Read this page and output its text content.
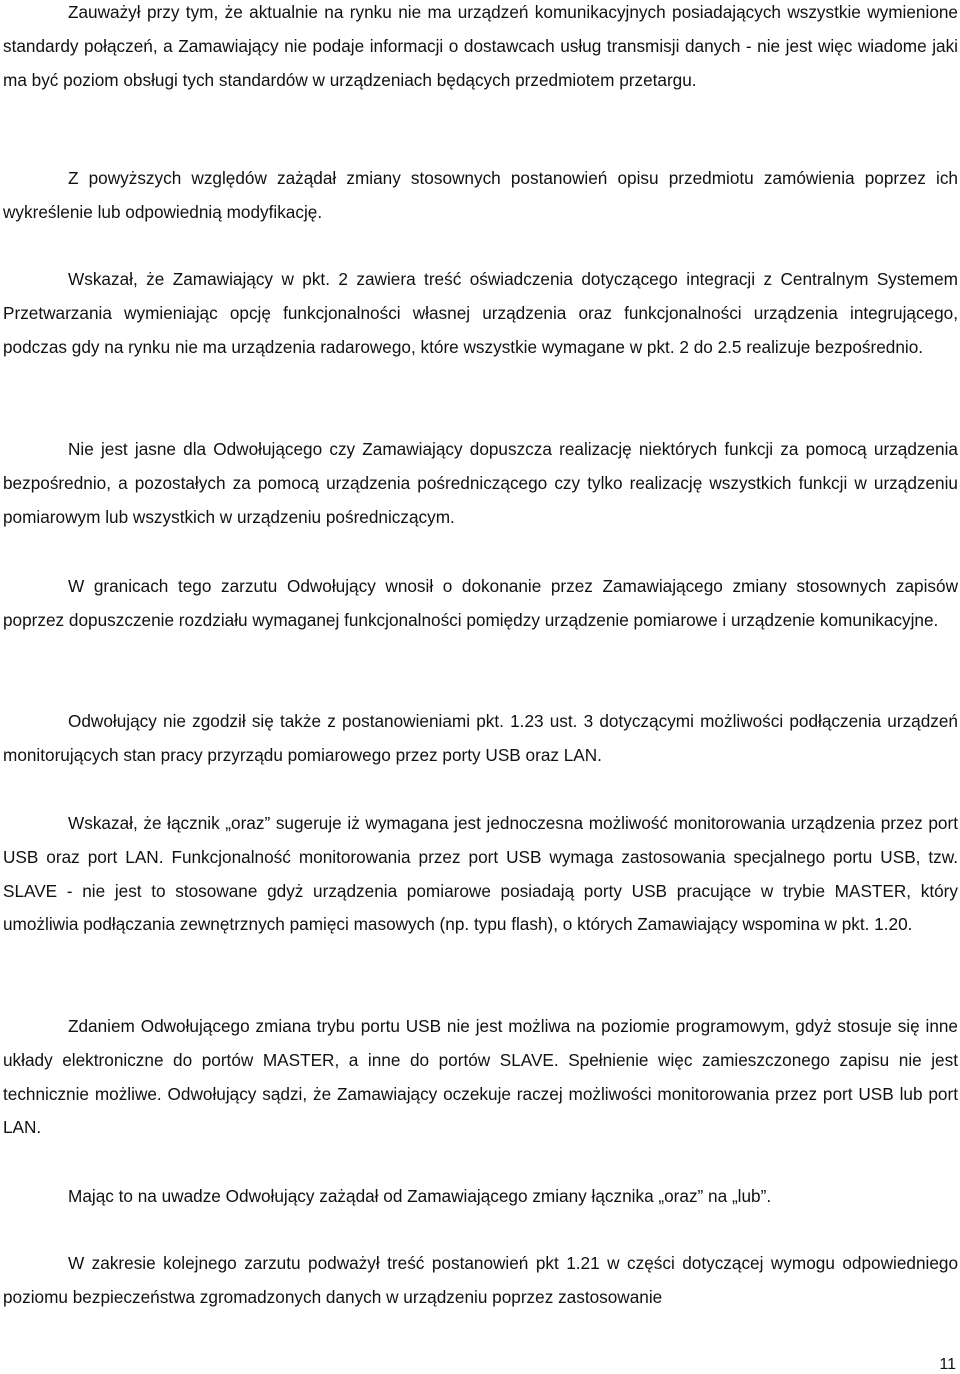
Zauważył przy tym, że aktualnie na rynku nie ma urządzeń komunikacyjnych posiadających wszystkie wymienione standardy połączeń, a Zamawiający nie podaje informacji o dostawcach usług transmisji danych - nie jest więc wiadome jaki ma być poziom obsługi tych standardów w urządzeniach będących przedmiotem przetargu.

Z powyższych względów zażądał zmiany stosownych postanowień opisu przedmiotu zamówienia poprzez ich wykreślenie lub odpowiednią modyfikację.

Wskazał, że Zamawiający w pkt. 2 zawiera treść oświadczenia dotyczącego integracji z Centralnym Systemem Przetwarzania wymieniając opcję funkcjonalności własnej urządzenia oraz funkcjonalności urządzenia integrującego, podczas gdy na rynku nie ma urządzenia radarowego, które wszystkie wymagane w pkt. 2 do 2.5 realizuje bezpośrednio.

Nie jest jasne dla Odwołującego czy Zamawiający dopuszcza realizację niektórych funkcji za pomocą urządzenia bezpośrednio, a pozostałych za pomocą urządzenia pośredniczącego czy tylko realizację wszystkich funkcji w urządzeniu pomiarowym lub wszystkich w urządzeniu pośredniczącym.

W granicach tego zarzutu Odwołujący wnosił o dokonanie przez Zamawiającego zmiany stosownych zapisów poprzez dopuszczenie rozdziału wymaganej funkcjonalności pomiędzy urządzenie pomiarowe i urządzenie komunikacyjne.

Odwołujący nie zgodził się także z postanowieniami pkt. 1.23 ust. 3 dotyczącymi możliwości podłączenia urządzeń monitorujących stan pracy przyrządu pomiarowego przez porty USB oraz LAN.

Wskazał, że łącznik „oraz” sugeruje iż wymagana jest jednoczesna możliwość monitorowania urządzenia przez port USB oraz port LAN. Funkcjonalność monitorowania przez port USB wymaga zastosowania specjalnego portu USB, tzw. SLAVE - nie jest to stosowane gdyż urządzenia pomiarowe posiadają porty USB pracujące w trybie MASTER, który umożliwia podłączania zewnętrznych pamięci masowych (np. typu flash), o których Zamawiający wspomina w pkt. 1.20.

Zdaniem Odwołującego zmiana trybu portu USB nie jest możliwa na poziomie programowym, gdyż stosuje się inne układy elektroniczne do portów MASTER, a inne do portów SLAVE. Spełnienie więc zamieszczonego zapisu nie jest technicznie możliwe. Odwołujący sądzi, że Zamawiający oczekuje raczej możliwości monitorowania przez port USB lub port LAN.

Mając to na uwadze Odwołujący zażądał od Zamawiającego zmiany łącznika „oraz” na „lub”.

W zakresie kolejnego zarzutu podważył treść postanowień pkt 1.21 w części dotyczącej wymogu odpowiedniego poziomu bezpieczeństwa zgromadzonych danych w urządzeniu poprzez zastosowanie

11
